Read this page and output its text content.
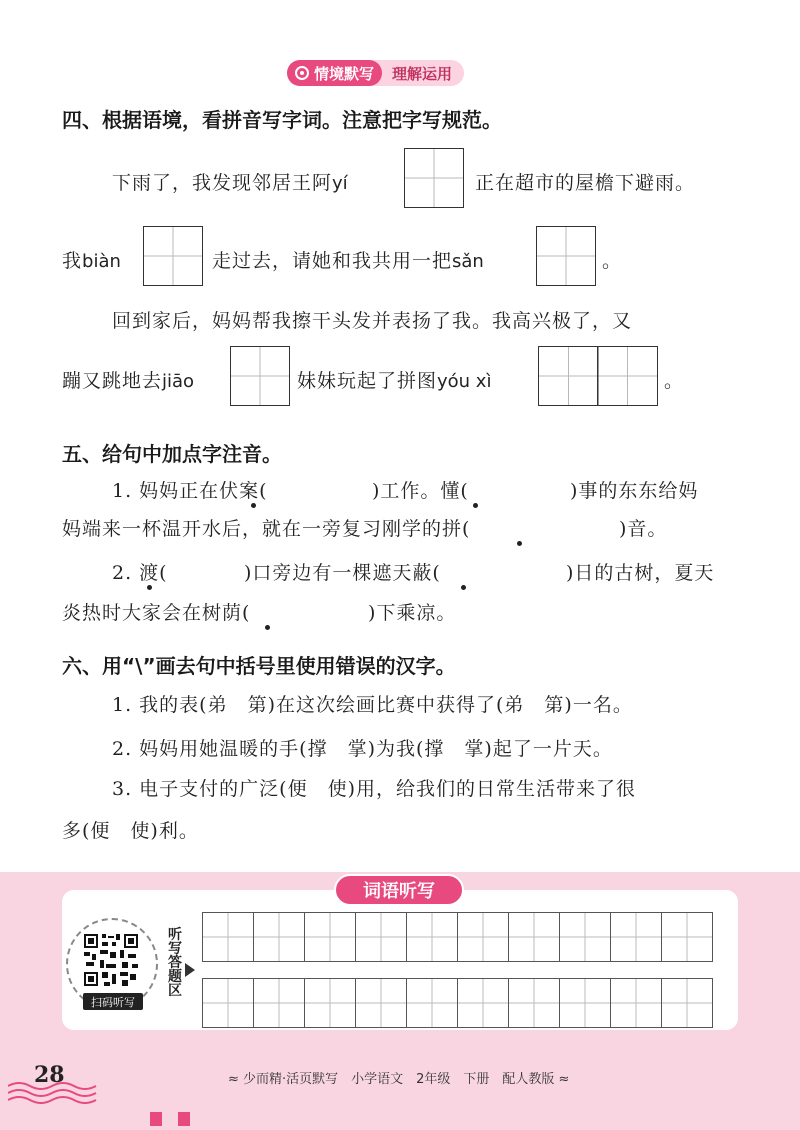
情境默写 理解运用
四、根据语境，看拼音写字词。注意把字写规范。
下雨了，我发现邻居王阿yí	正在超市的屋檐下避雨。
我biàn	走过去，请她和我共用一把sǎn	。
回到家后，妈妈帮我擦干头发并表扬了我。我高兴极了，又
蹦又跳地去jiāo	妹妹玩起了拼图yóu xì	。
五、给句中加点字注音。
1. 妈妈正在伏案(	)工作。懂(	)事的东东给妈
妈端来一杯温开水后，就在一旁复习刚学的拼(	)音。
2. 渡(	)口旁边有一棵遮天蔽(	)日的古树，夏天
炎热时大家会在树荫(	)下乘凉。
六、用“\”画去句中括号里使用错误的汉字。
1. 我的表(弟　第)在这次绘画比赛中获得了(弟　第)一名。
2. 妈妈用她温暖的手(撑　掌)为我(撑　掌)起了一片天。
3. 电子支付的广泛(便　使)用，给我们的日常生活带来了很
多(便　使)利。
词语听写
扫码听写
听写答题区
28	≈ 少而精·活页默写　小学语文　2年级　下册　配人教版 ≈
